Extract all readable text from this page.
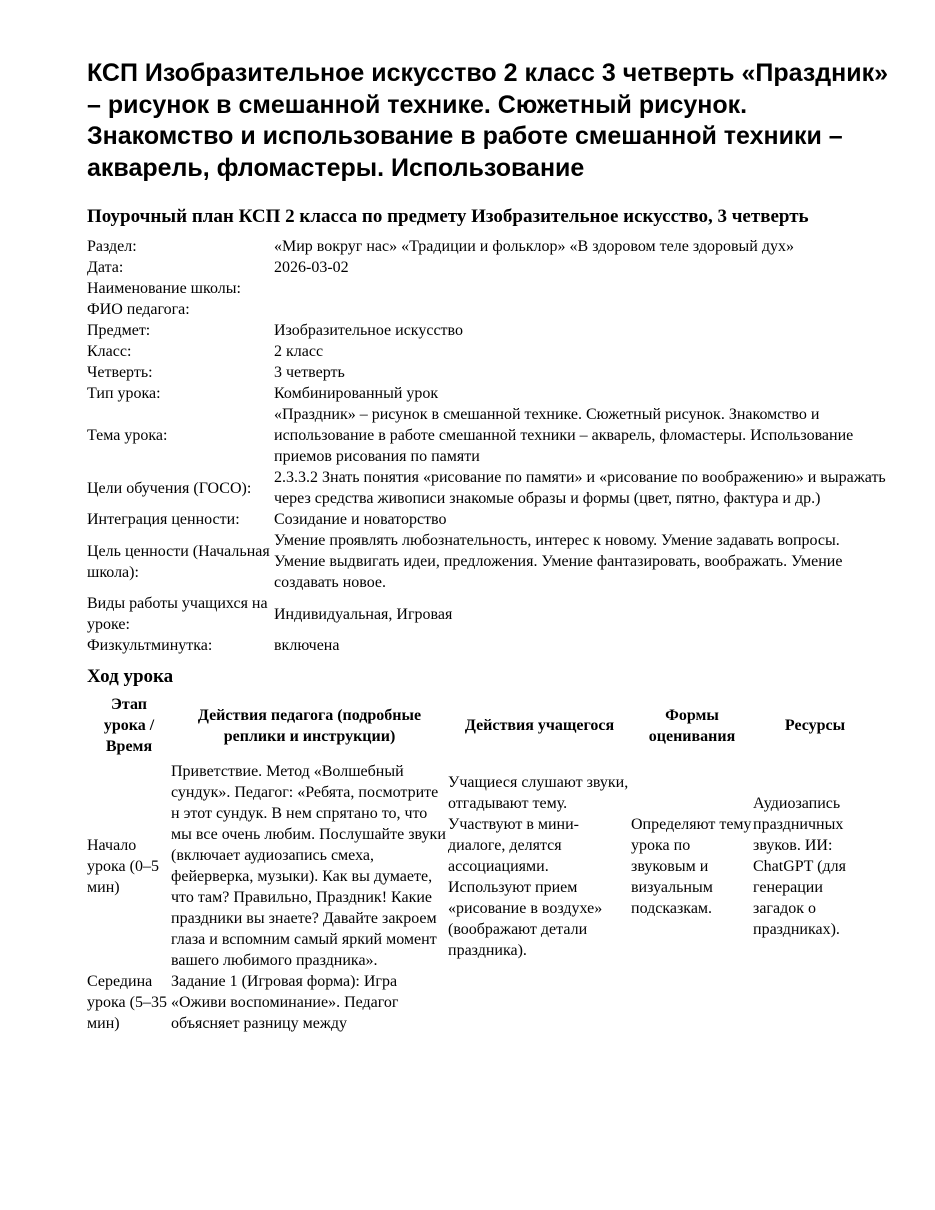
КСП Изобразительное искусство 2 класс 3 четверть «Праздник» – рисунок в смешанной технике. Сюжетный рисунок. Знакомство и использование в работе смешанной техники – акварель, фломастеры. Использование
Поурочный план КСП 2 класса по предмету Изобразительное искусство, 3 четверть
Раздел:	«Мир вокруг нас» «Традиции и фольклор» «В здоровом теле здоровый дух»
Дата:	2026-03-02
Наименование школы:	
ФИО педагога:	
Предмет:	Изобразительное искусство
Класс:	2 класс
Четверть:	3 четверть
Тип урока:	Комбинированный урок
Тема урока:	«Праздник» – рисунок в смешанной технике. Сюжетный рисунок. Знакомство и использование в работе смешанной техники – акварель, фломастеры. Использование приемов рисования по памяти
Цели обучения (ГОСО):	2.3.3.2 Знать понятия «рисование по памяти» и «рисование по воображению» и выражать через средства живописи знакомые образы и формы (цвет, пятно, фактура и др.)
Интеграция ценности:	Созидание и новаторство
Цель ценности (Начальная школа):	Умение проявлять любознательность, интерес к новому. Умение задавать вопросы. Умение выдвигать идеи, предложения. Умение фантазировать, воображать. Умение создавать новое.
Виды работы учащихся на уроке:	Индивидуальная, Игровая
Физкультминутка:	включена
Ход урока
Этап урока / Время	Действия педагога (подробные реплики и инструкции)	Действия учащегося	Формы оценивания	Ресурсы
Начало урока (0–5 мин)	Приветствие. Метод «Волшебный сундук». Педагог: «Ребята, посмотрите н этот сундук. В нем спрятано то, что мы все очень любим. Послушайте звуки (включает аудиозапись смеха, фейерверка, музыки). Как вы думаете, что там? Правильно, Праздник! Какие праздники вы знаете? Давайте закроем глаза и вспомним самый яркий момент вашего любимого праздника».	Учащиеся слушают звуки, отгадывают тему. Участвуют в мини-диалоге, делятся ассоциациями. Используют прием «рисование в воздухе» (воображают детали праздника).	Определяют тему урока по звуковым и визуальным подсказкам.	Аудиозапись праздничных звуков. ИИ: ChatGPT (для генерации загадок о праздниках).
Середина урока (5–35 мин)	Задание 1 (Игровая форма): Игра «Оживи воспоминание». Педагог объясняет разницу между			
